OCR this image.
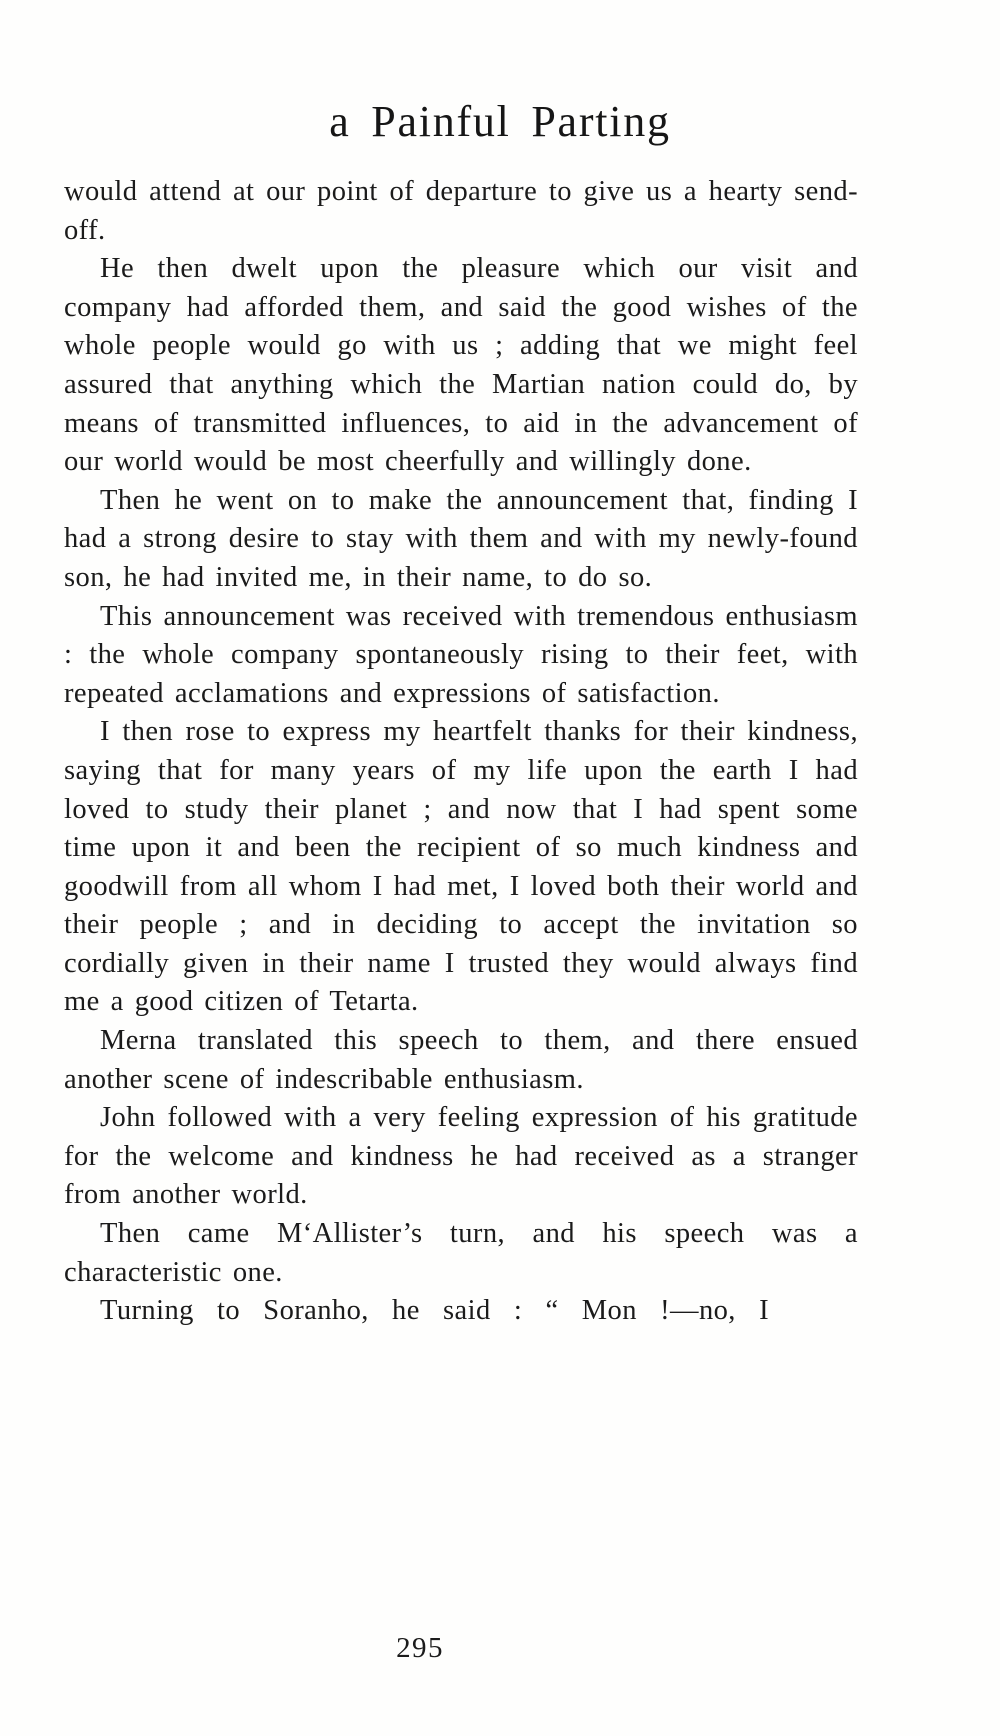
a Painful Parting

would attend at our point of departure to give us a hearty send-off.

He then dwelt upon the pleasure which our visit and company had afforded them, and said the good wishes of the whole people would go with us ; adding that we might feel assured that anything which the Martian nation could do, by means of transmitted influences, to aid in the advancement of our world would be most cheerfully and willingly done.

Then he went on to make the announcement that, finding I had a strong desire to stay with them and with my newly-found son, he had invited me, in their name, to do so.

This announcement was received with tremendous enthusiasm : the whole company spontaneously rising to their feet, with repeated acclamations and expressions of satisfaction.

I then rose to express my heartfelt thanks for their kindness, saying that for many years of my life upon the earth I had loved to study their planet ; and now that I had spent some time upon it and been the recipient of so much kindness and goodwill from all whom I had met, I loved both their world and their people ; and in deciding to accept the invitation so cordially given in their name I trusted they would always find me a good citizen of Tetarta.

Merna translated this speech to them, and there ensued another scene of indescribable enthusiasm.

John followed with a very feeling expression of his gratitude for the welcome and kindness he had received as a stranger from another world.

Then came M‘Allister’s turn, and his speech was a characteristic one.

Turning to Soranho, he said : “ Mon !—no, I

295
